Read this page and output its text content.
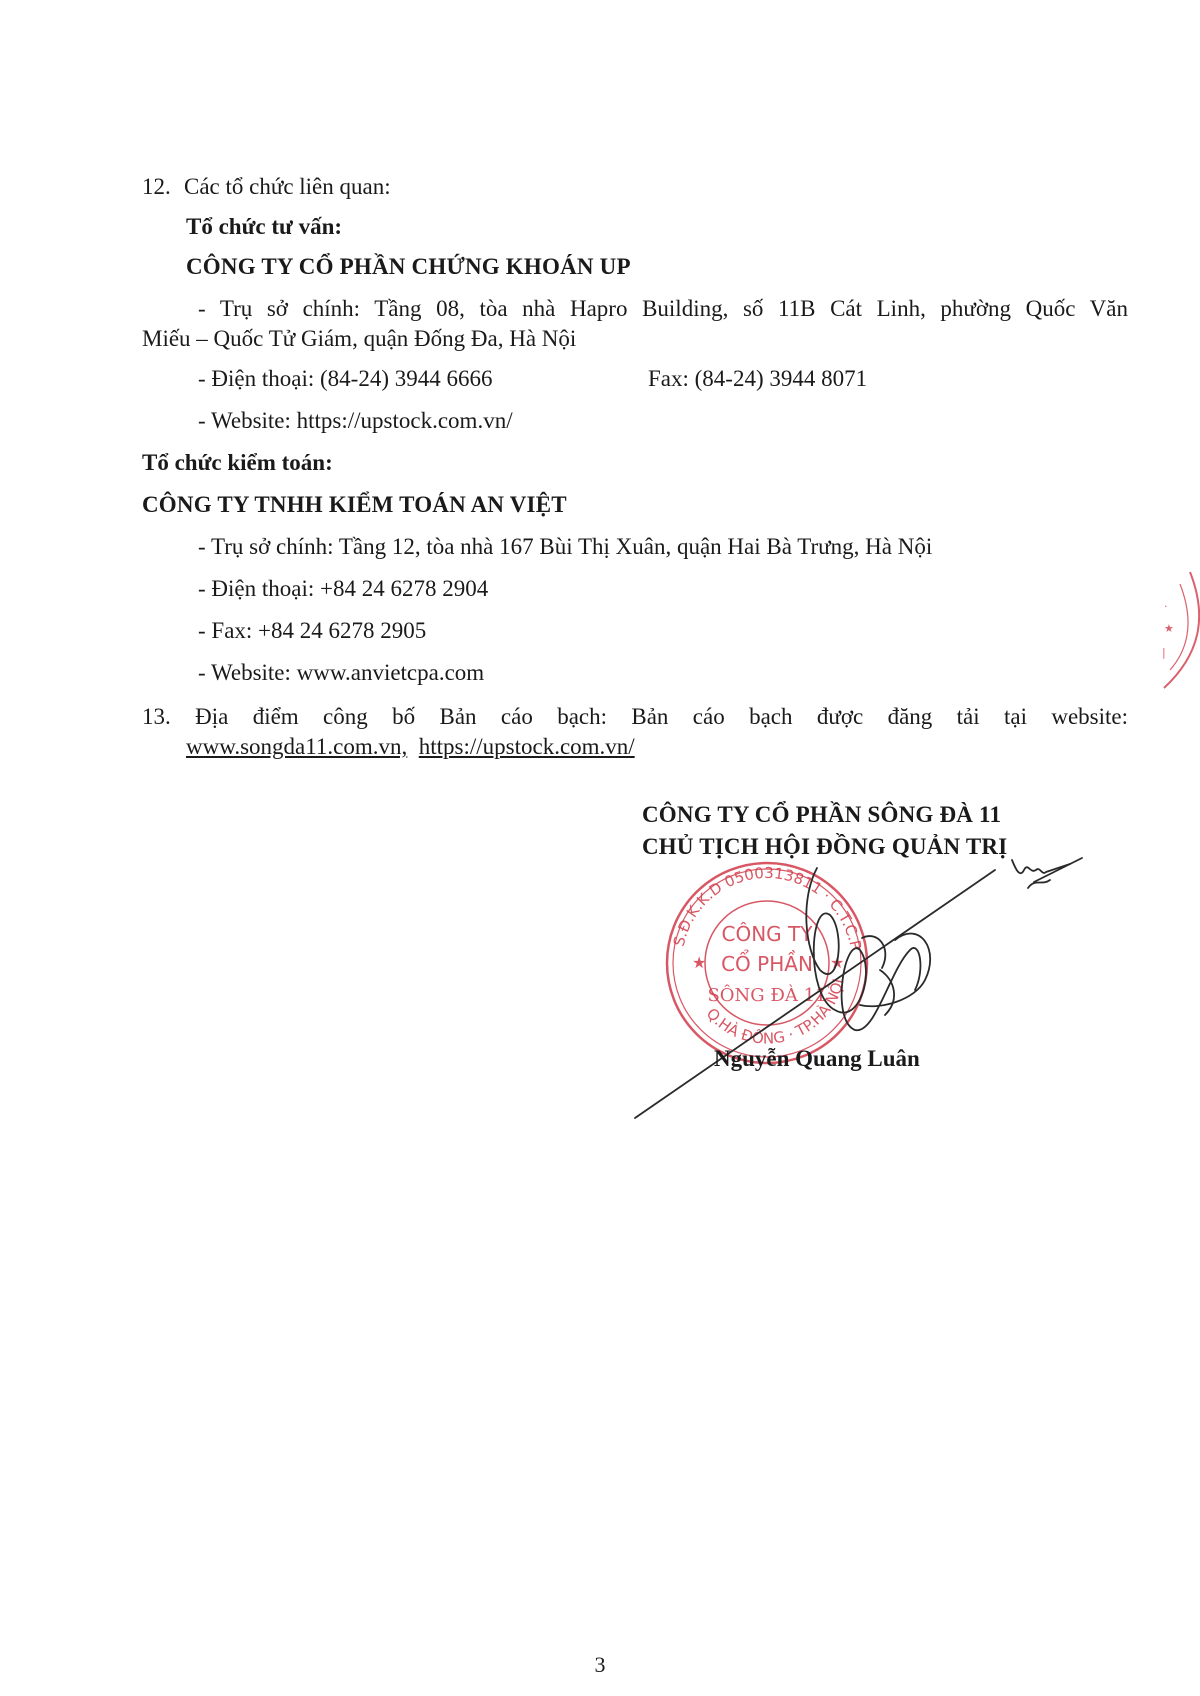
12. Các tổ chức liên quan:
Tổ chức tư vấn:
CÔNG TY CỔ PHẦN CHỨNG KHOÁN UP
- Trụ sở chính: Tầng 08, tòa nhà Hapro Building, số 11B Cát Linh, phường Quốc Văn
Miếu – Quốc Tử Giám, quận Đống Đa, Hà Nội
- Điện thoại: (84-24) 3944 6666	Fax: (84-24) 3944 8071
- Website: https://upstock.com.vn/
Tổ chức kiểm toán:
CÔNG TY TNHH KIỂM TOÁN AN VIỆT
- Trụ sở chính: Tầng 12, tòa nhà 167 Bùi Thị Xuân, quận Hai Bà Trưng, Hà Nội
- Điện thoại: +84 24 6278 2904
- Fax: +84 24 6278 2905
- Website: www.anvietcpa.com
13. Địa điểm công bố Bản cáo bạch: Bản cáo bạch được đăng tải tại website:
www.songda11.com.vn, https://upstock.com.vn/
CÔNG TY CỔ PHẦN SÔNG ĐÀ 11
CHỦ TỊCH HỘI ĐỒNG QUẢN TRỊ
S.Đ.K.K.D 0500313811 · C.T.C.P
Q.HÀ ĐÔNG · TP.HÀ NỘI
CÔNG TY
CỔ PHẦN
SÔNG ĐÀ 11
★	★
Nguyễn Quang Luân
·
★
|
3
